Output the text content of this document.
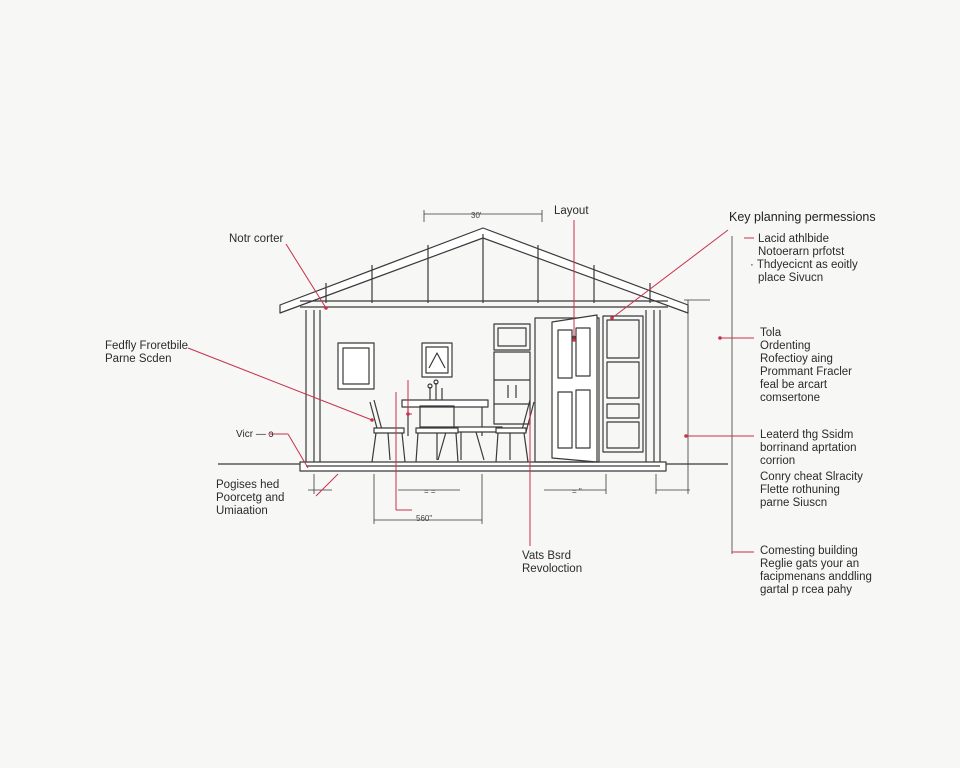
Notr corter
Layout	Key planning permessions
Fedfly Froretbile
Parne Scden
Vicr — ɔ
Pogises hed
Poorcetg and
Umiaation
Vats Bsrd
Revoloction
Lacid athlbide
Notoerarn prfotst
· Thdyecicnt as eoitly
place Sivucn
Tola
Ordenting
Rofectioy aing
Prommant Fracler
feal be arcart
comsertone
Leaterd thg Ssidm
borrinand aprtation
corrion
Conry cheat Slracity
Flette rothuning
parne Siuscn
Comesting building
Reglie gats your an
facipmenans anddling
gartal p rcea pahy
30'
560"
= =	= "
